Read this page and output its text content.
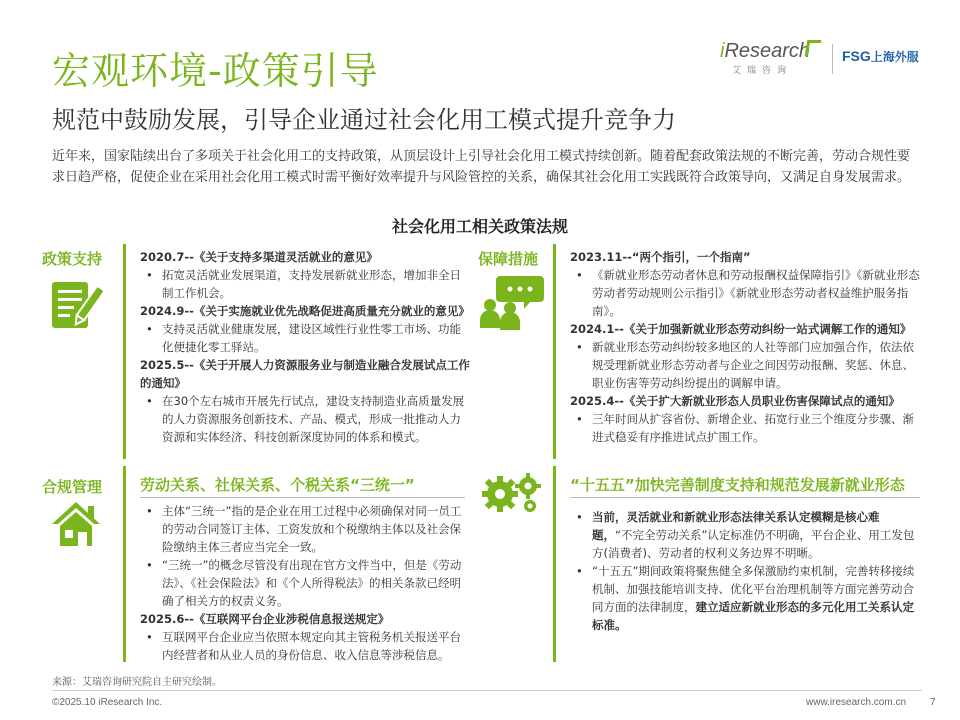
宏观环境-政策引导
规范中鼓励发展，引导企业通过社会化用工模式提升竞争力
iResearch
艾瑞咨询
FSG上海外服
近年来，国家陆续出台了多项关于社会化用工的支持政策，从顶层设计上引导社会化用工模式持续创新。随着配套政策法规的不断完善，劳动合规性要求日趋严格，促使企业在采用社会化用工模式时需平衡好效率提升与风险管控的关系，确保其社会化用工实践既符合政策导向，又满足自身发展需求。
社会化用工相关政策法规
政策支持	2020.7--《关于支持多渠道灵活就业的意见》
• 拓宽灵活就业发展渠道，支持发展新就业形态，增加非全日制工作机会。
2024.9--《关于实施就业优先战略促进高质量充分就业的意见》
• 支持灵活就业健康发展，建设区域性行业性零工市场、功能化便捷化零工驿站。
2025.5--《关于开展人力资源服务业与制造业融合发展试点工作的通知》
• 在30个左右城市开展先行试点，建设支持制造业高质量发展的人力资源服务创新技术、产品、模式，形成一批推动人力资源和实体经济、科技创新深度协同的体系和模式。
保障措施	2023.11--“两个指引，一个指南”
• 《新就业形态劳动者休息和劳动报酬权益保障指引》《新就业形态劳动者劳动规则公示指引》《新就业形态劳动者权益维护服务指南》。
2024.1--《关于加强新就业形态劳动纠纷一站式调解工作的通知》
• 新就业形态劳动纠纷较多地区的人社等部门应加强合作，依法依规受理新就业形态劳动者与企业之间因劳动报酬、奖惩、休息、职业伤害等劳动纠纷提出的调解申请。
2025.4--《关于扩大新就业形态人员职业伤害保障试点的通知》
• 三年时间从扩容省份、新增企业、拓宽行业三个维度分步骤、渐进式稳妥有序推进试点扩围工作。
合规管理	劳动关系、社保关系、个税关系“三统一”
• 主体“三统一”指的是企业在用工过程中必须确保对同一员工的劳动合同签订主体、工资发放和个税缴纳主体以及社会保险缴纳主体三者应当完全一致。
• “三统一”的概念尽管没有出现在官方文件当中，但是《劳动法》、《社会保险法》和《个人所得税法》的相关条款已经明确了相关方的权责义务。
2025.6--《互联网平台企业涉税信息报送规定》
• 互联网平台企业应当依照本规定向其主管税务机关报送平台内经营者和从业人员的身份信息、收入信息等涉税信息。
“十五五”加快完善制度支持和规范发展新就业形态
• 当前，灵活就业和新就业形态法律关系认定模糊是核心难题，“不完全劳动关系”认定标准仍不明确，平台企业、用工发包方(消费者)、劳动者的权利义务边界不明晰。
• “十五五”期间政策将聚焦健全多保激励约束机制，完善转移接续机制、加强技能培训支持、优化平台治理机制等方面完善劳动合同方面的法律制度，建立适应新就业形态的多元化用工关系认定标准。
来源：艾瑞咨询研究院自主研究绘制。
©2025.10 iResearch Inc.	www.iresearch.com.cn 7
